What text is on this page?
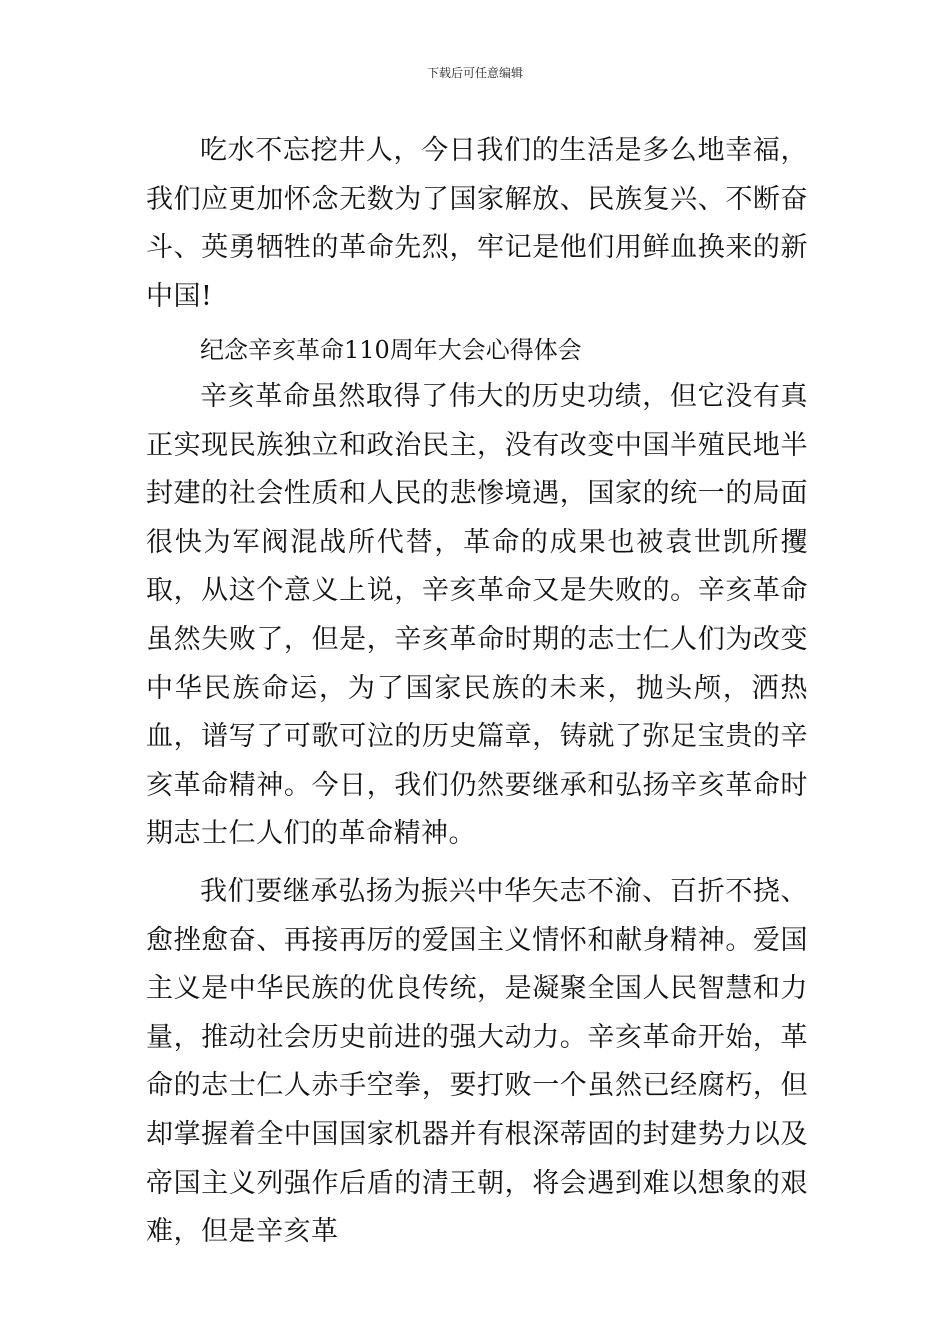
下载后可任意编辑

吃水不忘挖井人，今日我们的生活是多么地幸福，我们应更加怀念无数为了国家解放、民族复兴、不断奋斗、英勇牺牲的革命先烈，牢记是他们用鲜血换来的新中国!

纪念辛亥革命110周年大会心得体会

辛亥革命虽然取得了伟大的历史功绩，但它没有真正实现民族独立和政治民主，没有改变中国半殖民地半封建的社会性质和人民的悲惨境遇，国家的统一的局面很快为军阀混战所代替，革命的成果也被袁世凯所攫取，从这个意义上说，辛亥革命又是失败的。辛亥革命虽然失败了，但是，辛亥革命时期的志士仁人们为改变中华民族命运，为了国家民族的未来，抛头颅，洒热血，谱写了可歌可泣的历史篇章，铸就了弥足宝贵的辛亥革命精神。今日，我们仍然要继承和弘扬辛亥革命时期志士仁人们的革命精神。

我们要继承弘扬为振兴中华矢志不渝、百折不挠、愈挫愈奋、再接再厉的爱国主义情怀和献身精神。爱国主义是中华民族的优良传统，是凝聚全国人民智慧和力量，推动社会历史前进的强大动力。辛亥革命开始，革命的志士仁人赤手空拳，要打败一个虽然已经腐朽，但却掌握着全中国国家机器并有根深蒂固的封建势力以及帝国主义列强作后盾的清王朝，将会遇到难以想象的艰难，但是辛亥革
